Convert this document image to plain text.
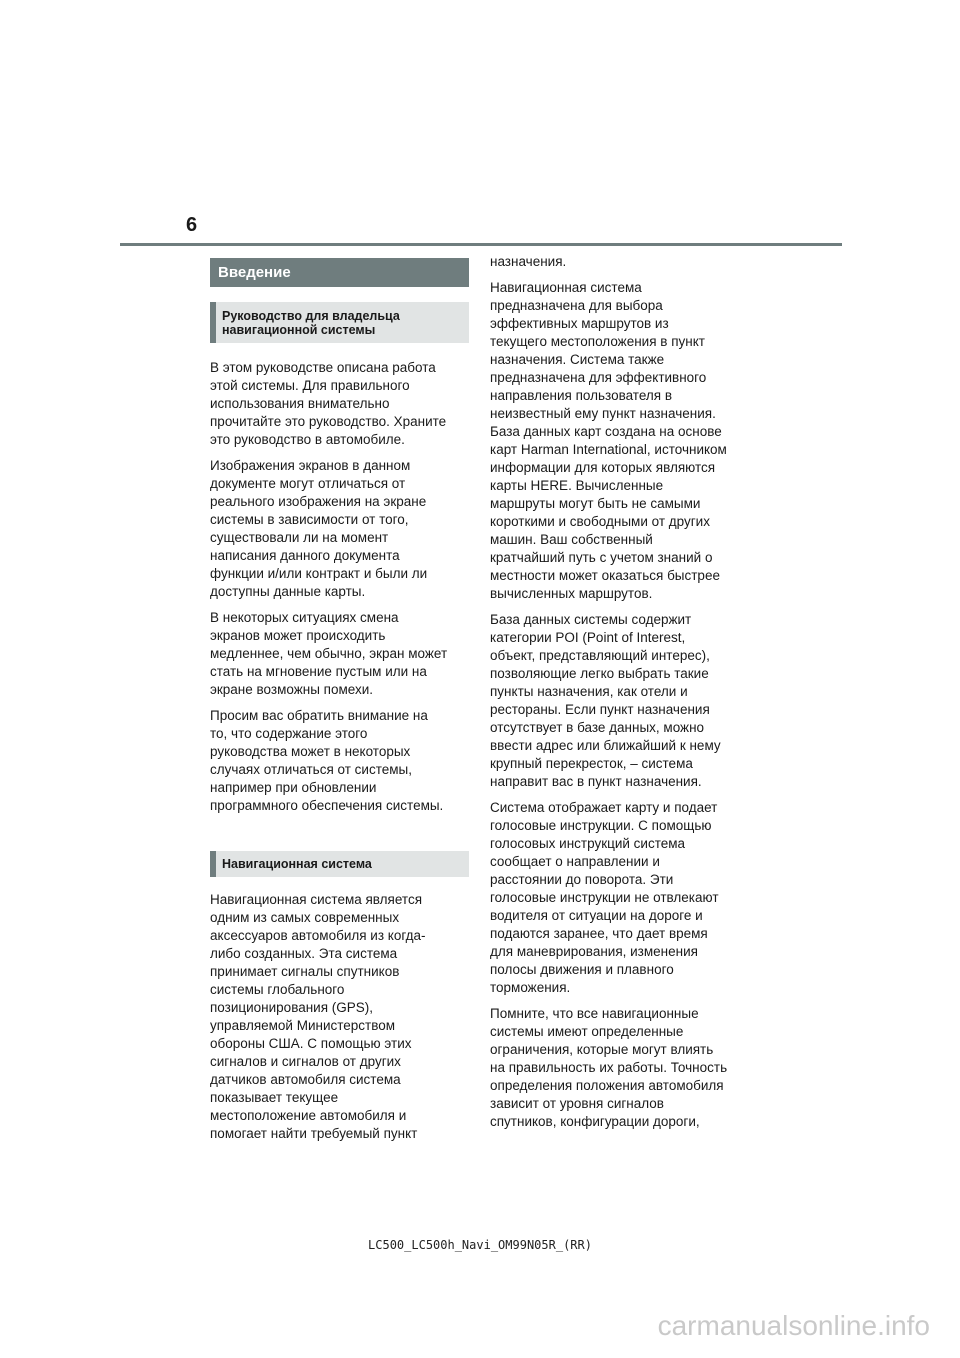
6
Введение
Руководство для владельца
навигационной системы
В этом руководстве описана работа
этой системы. Для правильного
использования внимательно
прочитайте это руководство. Храните
это руководство в автомобиле.
Изображения экранов в данном
документе могут отличаться от
реального изображения на экране
системы в зависимости от того,
существовали ли на момент
написания данного документа
функции и/или контракт и были ли
доступны данные карты.
В некоторых ситуациях смена
экранов может происходить
медленнее, чем обычно, экран может
стать на мгновение пустым или на
экране возможны помехи.
Просим вас обратить внимание на
то, что содержание этого
руководства может в некоторых
случаях отличаться от системы,
например при обновлении
программного обеспечения системы.
Навигационная система
Навигационная система является
одним из самых современных
аксессуаров автомобиля из когда-
либо созданных. Эта система
принимает сигналы спутников
системы глобального
позиционирования (GPS),
управляемой Министерством
обороны США. С помощью этих
сигналов и сигналов от других
датчиков автомобиля система
показывает текущее
местоположение автомобиля и
помогает найти требуемый пункт
назначения.
Навигационная система
предназначена для выбора
эффективных маршрутов из
текущего местоположения в пункт
назначения. Система также
предназначена для эффективного
направления пользователя в
неизвестный ему пункт назначения.
База данных карт создана на основе
карт Harman International, источником
информации для которых являются
карты HERE. Вычисленные
маршруты могут быть не самыми
короткими и свободными от других
машин. Ваш собственный
кратчайший путь с учетом знаний о
местности может оказаться быстрее
вычисленных маршрутов.
База данных системы содержит
категории POI (Point of Interest,
объект, представляющий интерес),
позволяющие легко выбрать такие
пункты назначения, как отели и
рестораны. Если пункт назначения
отсутствует в базе данных, можно
ввести адрес или ближайший к нему
крупный перекресток, – система
направит вас в пункт назначения.
Система отображает карту и подает
голосовые инструкции. С помощью
голосовых инструкций система
сообщает о направлении и
расстоянии до поворота. Эти
голосовые инструкции не отвлекают
водителя от ситуации на дороге и
подаются заранее, что дает время
для маневрирования, изменения
полосы движения и плавного
торможения.
Помните, что все навигационные
системы имеют определенные
ограничения, которые могут влиять
на правильность их работы. Точность
определения положения автомобиля
зависит от уровня сигналов
спутников, конфигурации дороги,
LC500_LC500h_Navi_OM99N05R_(RR)
carmanualsonline.info
